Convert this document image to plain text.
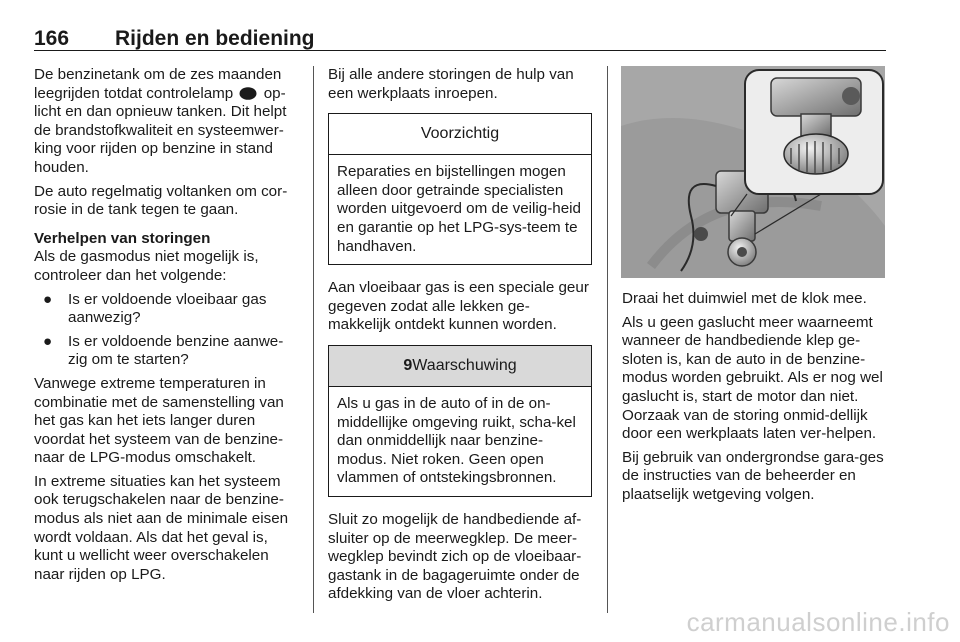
166 Rijden en bediening

De benzinetank om de zes maanden leegrijden totdat controlelamp op-licht en dan opnieuw tanken. Dit helpt de brandstofkwaliteit en systeemwer-king voor rijden op benzine in stand houden.

De auto regelmatig voltanken om cor-rosie in de tank tegen te gaan.

Verhelpen van storingen

Als de gasmodus niet mogelijk is, controleer dan het volgende:

● Is er voldoende vloeibaar gas aanwezig?
● Is er voldoende benzine aanwe-zig om te starten?

Vanwege extreme temperaturen in combinatie met de samenstelling van het gas kan het iets langer duren voordat het systeem van de benzine-naar de LPG-modus omschakelt.

In extreme situaties kan het systeem ook terugschakelen naar de benzine-modus als niet aan de minimale eisen wordt voldaan. Als dat het geval is, kunt u wellicht weer overschakelen naar rijden op LPG.

Bij alle andere storingen de hulp van een werkplaats inroepen.

Voorzichtig

Reparaties en bijstellingen mogen alleen door getrainde specialisten worden uitgevoerd om de veilig-heid en garantie op het LPG-sys-teem te handhaven.

Aan vloeibaar gas is een speciale geur gegeven zodat alle lekken ge-makkelijk ontdekt kunnen worden.

9Waarschuwing

Als u gas in de auto of in de on-middellijke omgeving ruikt, scha-kel dan onmiddellijk naar benzine-modus. Niet roken. Geen open vlammen of ontstekingsbronnen.

Sluit zo mogelijk de handbediende af-sluiter op de meerwegklep. De meer-wegklep bevindt zich op de vloeibaar-gastank in de bagageruimte onder de afdekking van de vloer achterin.

Draai het duimwiel met de klok mee.

Als u geen gaslucht meer waarneemt wanneer de handbediende klep ge-sloten is, kan de auto in de benzine-modus worden gebruikt. Als er nog wel gaslucht is, start de motor dan niet. Oorzaak van de storing onmid-dellijk door een werkplaats laten ver-helpen.

Bij gebruik van ondergrondse gara-ges de instructies van de beheerder en plaatselijk wetgeving volgen.

carmanualsonline.info
